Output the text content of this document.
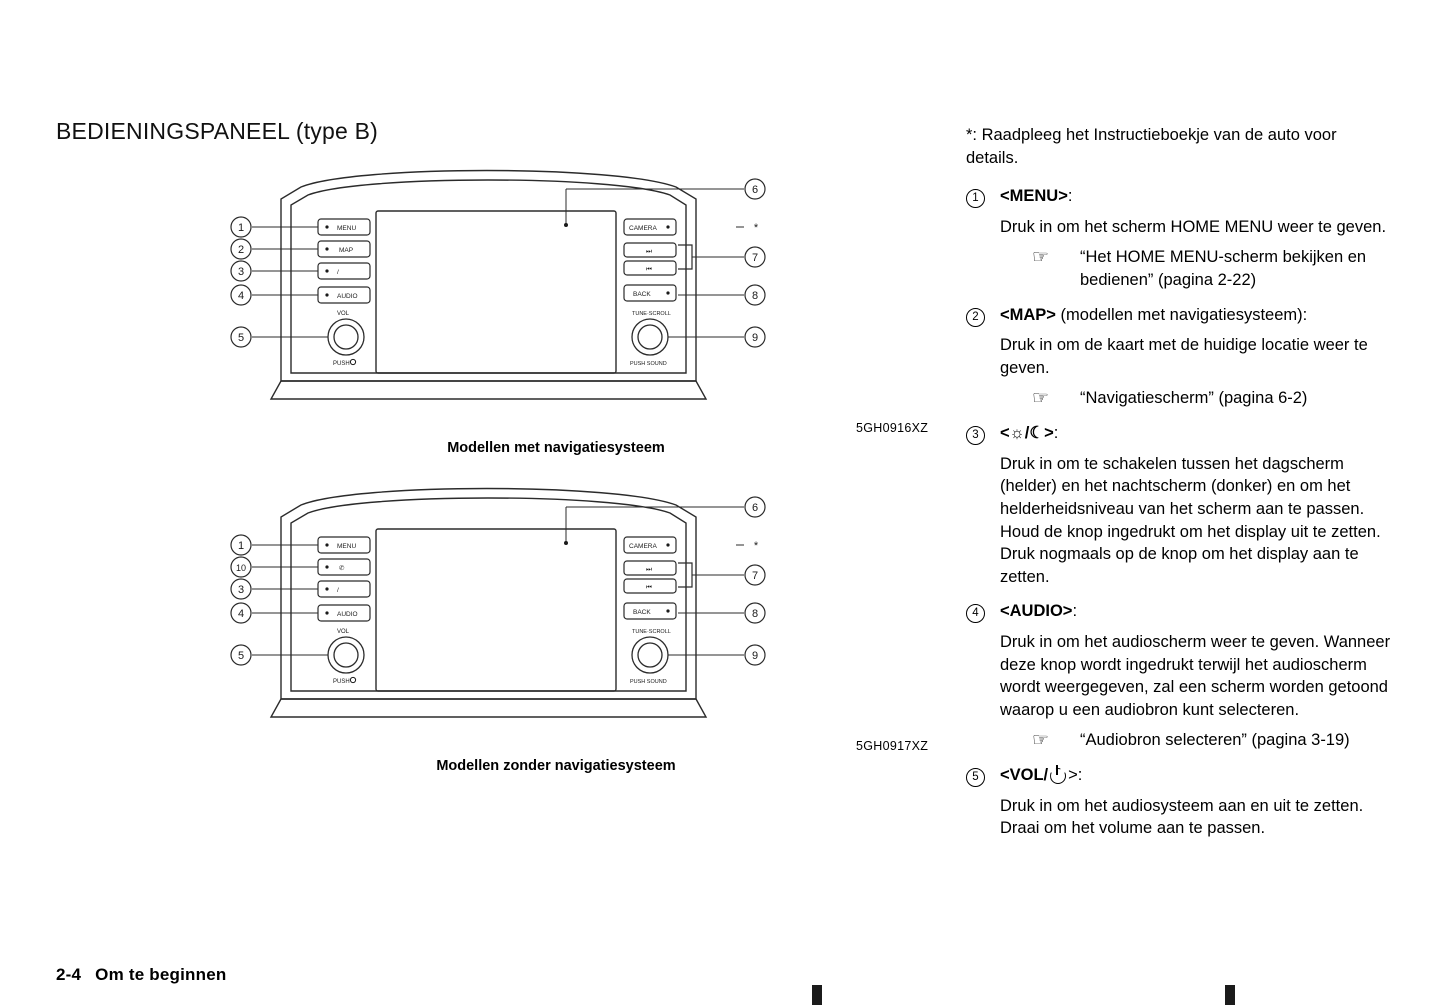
BEDIENINGSPANEEL (type B)
MENU
MAP
/
AUDIO
VOL
PUSH
CAMERA
⏭
⏮
BACK
TUNE·SCROLL
PUSH SOUND
1
2
3
4
5
6
7
8
9
*
Modellen met navigatiesysteem
5GH0916XZ
MENU
✆
/
AUDIO
VOL
PUSH
CAMERA
⏭
⏮
BACK
TUNE·SCROLL
PUSH SOUND
1
10
3
4
5
6
7
8
9
*
Modellen zonder navigatiesysteem
5GH0917XZ

*: Raadpleeg het Instructieboekje van de auto voor details.

1	<MENU>:
Druk in om het scherm HOME MENU weer te geven.
☞	“Het HOME MENU-scherm bekijken en bedienen” (pagina 2-22)
2	<MAP> (modellen met navigatiesysteem):
Druk in om de kaart met de huidige locatie weer te geven.
☞	“Navigatiescherm” (pagina 6-2)
3	<☼/☾>:
Druk in om te schakelen tussen het dagscherm (helder) en het nachtscherm (donker) en om het helderheidsniveau van het scherm aan te passen. Houd de knop ingedrukt om het display uit te zetten. Druk nogmaals op de knop om het display aan te zetten.
4	<AUDIO>:
Druk in om het audioscherm weer te geven. Wanneer deze knop wordt ingedrukt terwijl het audioscherm wordt weergegeven, zal een scherm worden getoond waarop u een audiobron kunt selecteren.
☞	“Audiobron selecteren” (pagina 3-19)
5	<VOL/ >:
Druk in om het audiosysteem aan en uit te zetten. Draai om het volume aan te passen.
2-4 Om te beginnen
